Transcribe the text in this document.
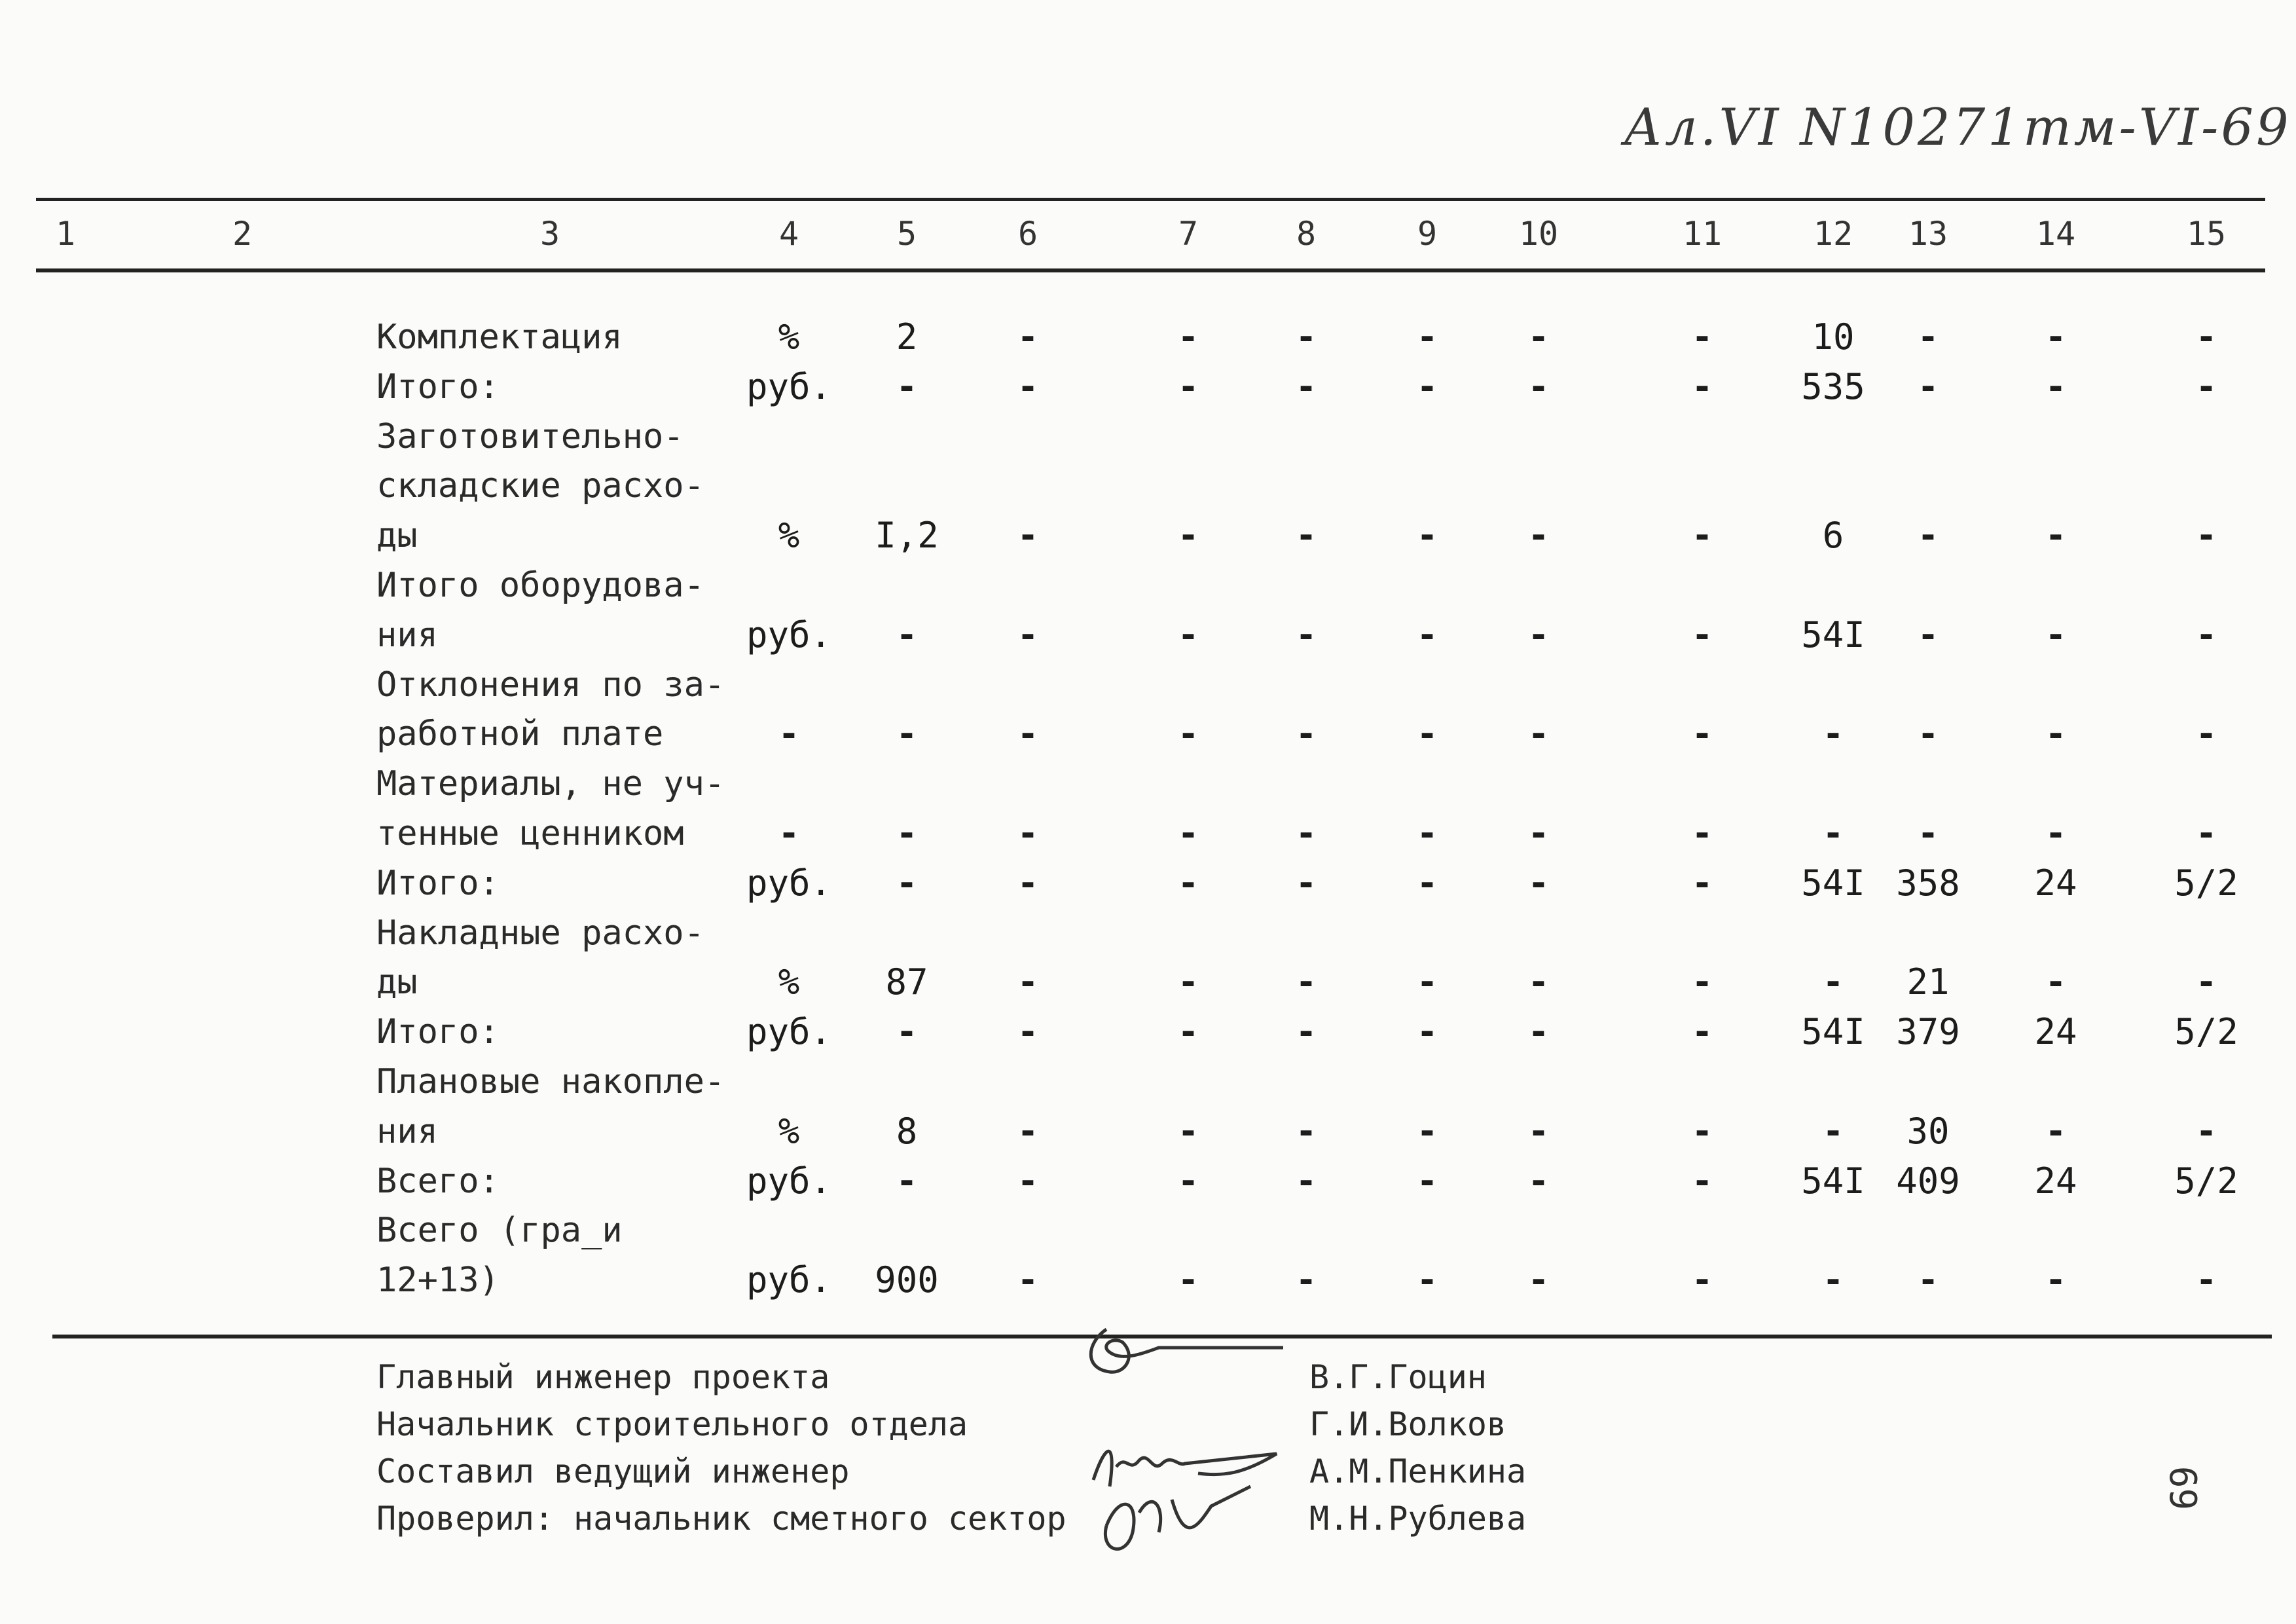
Ал.VI N10271тм-VI-69
1	2	3	4	5	6	7	8	9	10	11	12	13	14	15
Комплектация	%	2	-	-	-	-	-	-	10	-	-	-
Итого:	руб.	-	-	-	-	-	-	-	535	-	-	-
Заготовительно-
складские расхо-
ды	%	I,2	-	-	-	-	-	-	6	-	-	-
Итого оборудова-
ния	руб.	-	-	-	-	-	-	-	54I	-	-	-
Отклонения по за-
работной плате	-	-	-	-	-	-	-	-	-	-	-	-
Материалы, не уч-
тенные ценником	-	-	-	-	-	-	-	-	-	-	-	-
Итого:	руб.	-	-	-	-	-	-	-	54I 358	24	5/2
Накладные расхо-
ды	%	87	-	-	-	-	-	-	-	21	-	-
Итого:	руб.	-	-	-	-	-	-	-	54I 379	24	5/2
Плановые накопле-
ния	%	8	-	-	-	-	-	-	-	30	-	-
Всего:	руб.	-	-	-	-	-	-	-	54I 409	24	5/2
Всего (гра_и
12+13)	руб.	900	-	-	-	-	-	-	-	-	-	-
Главный инженер проекта	В.Г.Гоцин
Начальник строительного отдела	Г.И.Волков
Составил ведущий инженер	А.М.Пенкина
Проверил: начальник сметного сектор	М.Н.Рублева
69
